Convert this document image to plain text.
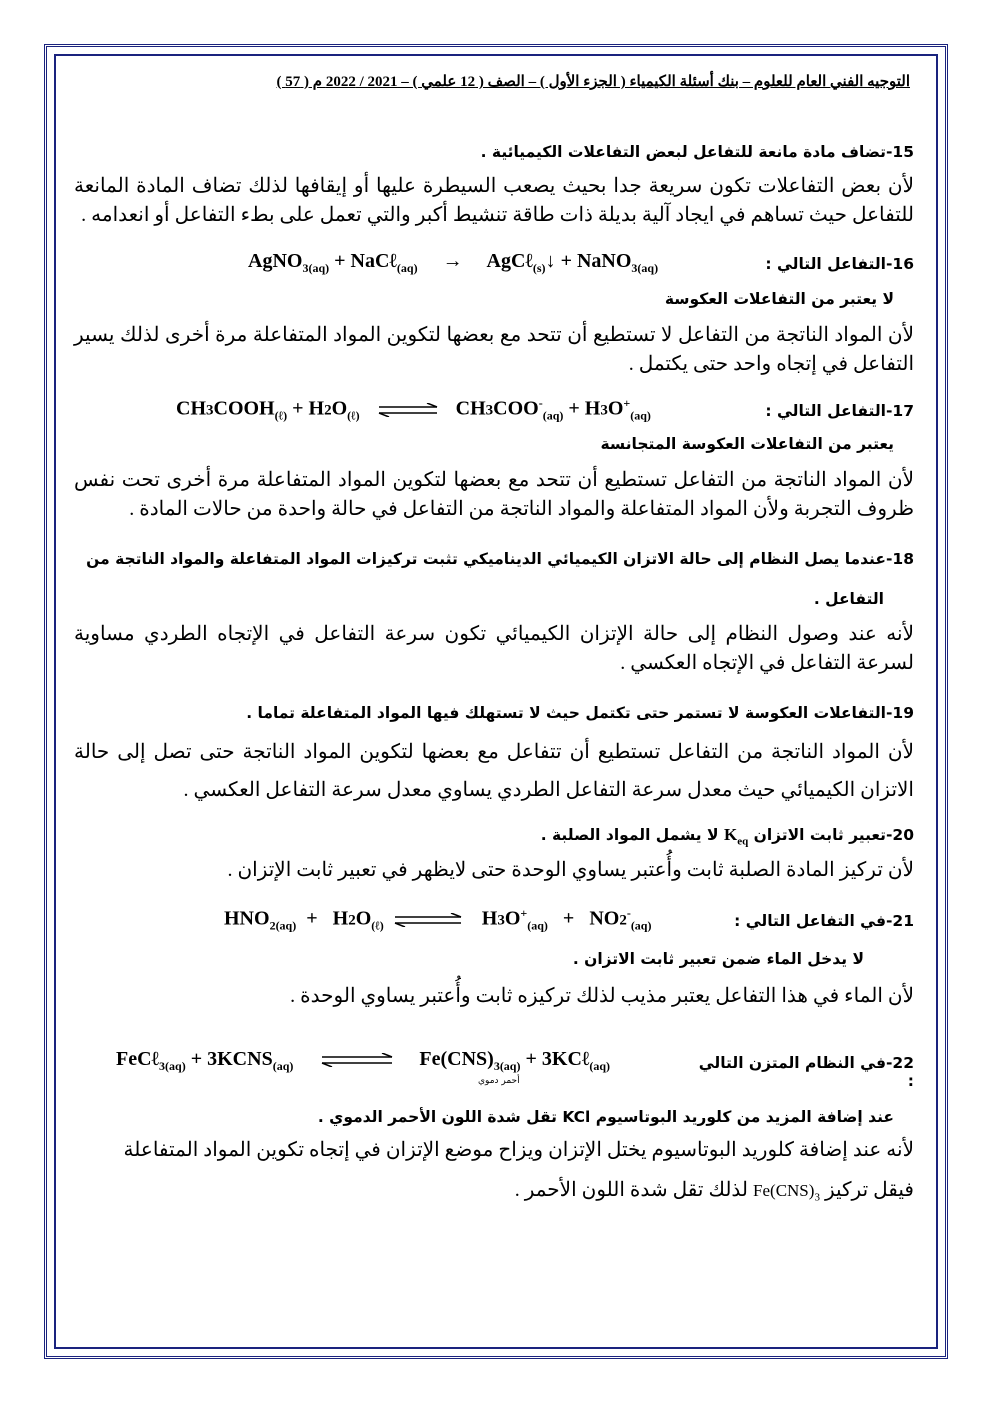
التوجيه الفني العام للعلوم – بنك أسئلة الكيمياء ( الجزء الأول ) – الصف ( 12 علمي ) – 2021 / 2022 م ( 57 )
15-تضاف مادة مانعة للتفاعل لبعض التفاعلات الكيميائية .
لأن بعض التفاعلات تكون سريعة جدا بحيث يصعب السيطرة عليها أو إيقافها لذلك تضاف المادة المانعة للتفاعل حيث تساهم في ايجاد آلية بديلة ذات طاقة تنشيط أكبر والتي تعمل على بطء التفاعل أو انعدامه .
16-التفاعل التالي :
AgNO$_{3(aq)}$ + NaCℓ$_{(aq)}$ → AgCℓ$_{(s)}$↓ + NaNO$_{3(aq)}$
لا يعتبر من التفاعلات العكوسة
لأن المواد الناتجة من التفاعل لا تستطيع أن تتحد مع بعضها لتكوين المواد المتفاعلة مرة أخرى لذلك يسير التفاعل في إتجاه واحد حتى يكتمل .
17-التفاعل التالي :
$CH3COOH_{(\ell)} + H2O_{(\ell)}$	$CH3COO^-_{(aq)} + H3O^+_{(aq)}$
يعتبر من التفاعلات العكوسة المتجانسة
لأن المواد الناتجة من التفاعل تستطيع أن تتحد مع بعضها لتكوين المواد المتفاعلة مرة أخرى تحت نفس ظروف التجربة ولأن المواد المتفاعلة والمواد الناتجة من التفاعل في حالة واحدة من حالات المادة .
18-عندما يصل النظام إلى حالة الاتزان الكيميائي الديناميكي تثبت تركيزات المواد المتفاعلة والمواد الناتجة من
التفاعل .
لأنه عند وصول النظام إلى حالة الإتزان الكيميائي تكون سرعة التفاعل في الإتجاه الطردي مساوية لسرعة التفاعل في الإتجاه العكسي .
19-التفاعلات العكوسة لا تستمر حتى تكتمل حيث لا تستهلك فيها المواد المتفاعلة تماما .
لأن المواد الناتجة من التفاعل تستطيع أن تتفاعل مع بعضها لتكوين المواد الناتجة حتى تصل إلى حالة الاتزان الكيميائي حيث معدل سرعة التفاعل الطردي يساوي معدل سرعة التفاعل العكسي .
20-تعبير ثابت الاتزان $K_{eq}$ لا يشمل المواد الصلبة .
لأن تركيز المادة الصلبة ثابت وأُعتبر يساوي الوحدة حتى لايظهر في تعبير ثابت الإتزان .
21-في التفاعل التالي :
$HNO_{2(aq)} + H2O_{(\ell)}$ ⇌ $H3O^+_{(aq)} + NO2^-_{(aq)}$
لا يدخل الماء ضمن تعبير ثابت الاتزان .
لأن الماء في هذا التفاعل يعتبر مذيب لذلك تركيزه ثابت وأُعتبر يساوي الوحدة .
22-في النظام المتزن التالي :
FeCℓ$_{3(aq)}$ + $3KCNS_{(aq)}$	$Fe(CNS)_{3(aq)}$ + 3KCℓ$_{(aq)}$
أحمر دموي
عند إضافة المزيد من كلوريد البوتاسيوم KCl تقل شدة اللون الأحمر الدموي .
لأنه عند إضافة كلوريد البوتاسيوم يختل الإتزان ويزاح موضع الإتزان في إتجاه تكوين المواد المتفاعلة
فيقل تركيز $Fe(CNS)_3$ لذلك تقل شدة اللون الأحمر .
